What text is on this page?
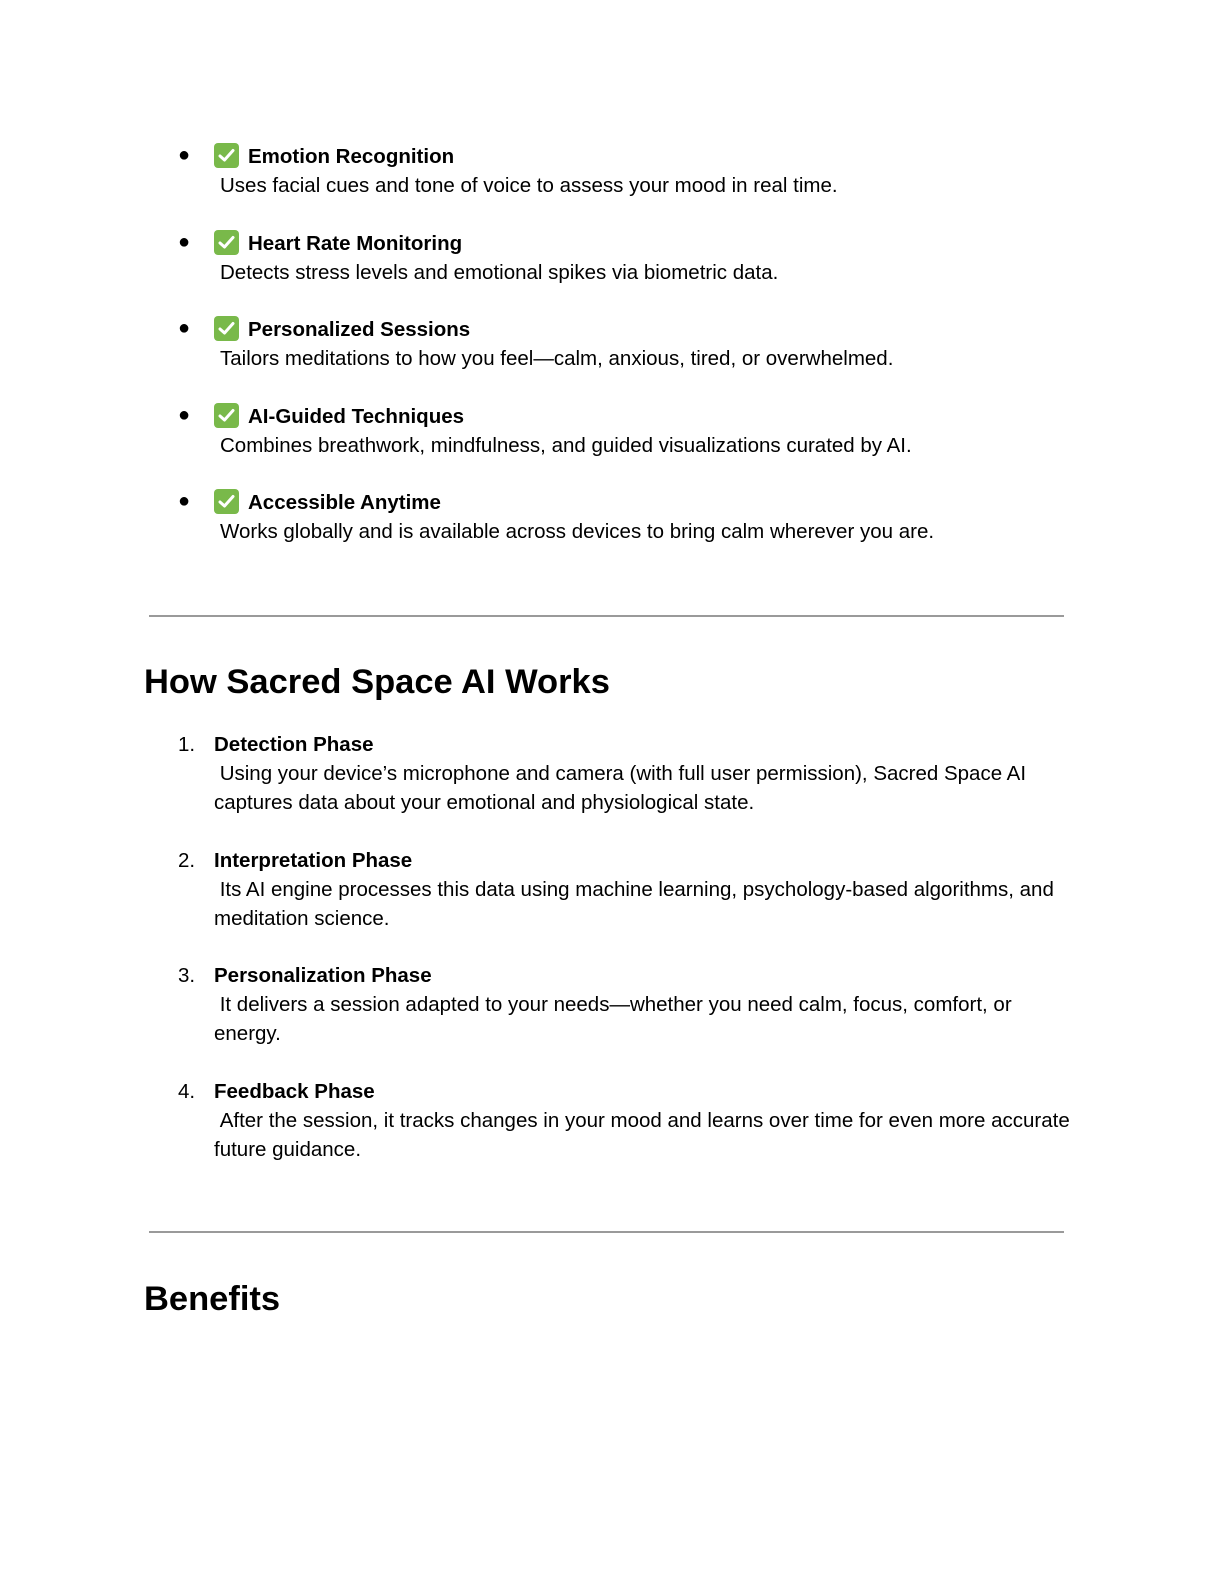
●	Emotion Recognition
Uses facial cues and tone of voice to assess your mood in real time.
●	Heart Rate Monitoring
Detects stress levels and emotional spikes via biometric data.
●	Personalized Sessions
Tailors meditations to how you feel—calm, anxious, tired, or overwhelmed.
●	AI-Guided Techniques
Combines breathwork, mindfulness, and guided visualizations curated by AI.
●	Accessible Anytime
Works globally and is available across devices to bring calm wherever you are.
How Sacred Space AI Works
1. Detection Phase
Using your device’s microphone and camera (with full user permission), Sacred Space AI captures data about your emotional and physiological state.
2. Interpretation Phase
Its AI engine processes this data using machine learning, psychology-based algorithms, and meditation science.
3. Personalization Phase
It delivers a session adapted to your needs—whether you need calm, focus, comfort, or energy.
4. Feedback Phase
After the session, it tracks changes in your mood and learns over time for even more accurate future guidance.
Benefits
